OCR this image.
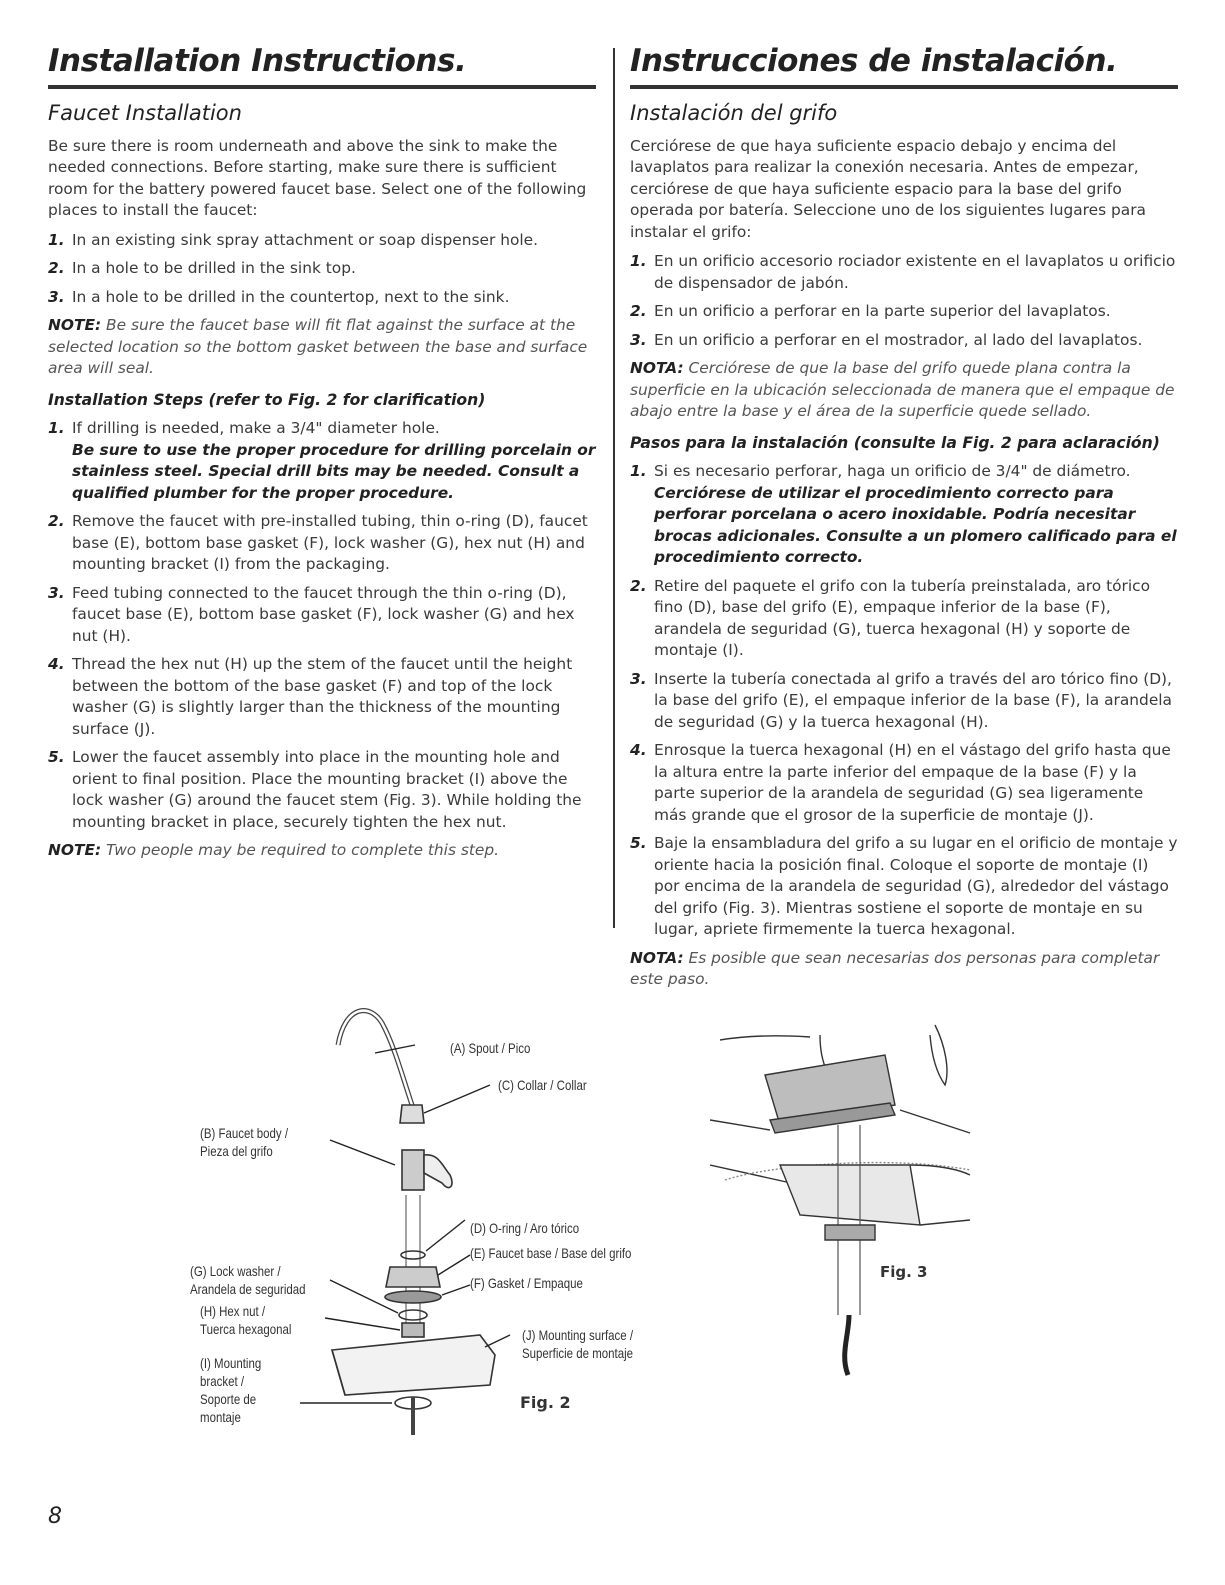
Installation Instructions.
Faucet Installation

Be sure there is room underneath and above the sink to make the needed connections. Before starting, make sure there is sufficient room for the battery powered faucet base. Select one of the following places to install the faucet:

1. In an existing sink spray attachment or soap dispenser hole.
2. In a hole to be drilled in the sink top.
3. In a hole to be drilled in the countertop, next to the sink.

NOTE: Be sure the faucet base will fit flat against the surface at the selected location so the bottom gasket between the base and surface area will seal.

Installation Steps (refer to Fig. 2 for clarification)
1. If drilling is needed, make a 3/4" diameter hole.
Be sure to use the proper procedure for drilling porcelain or stainless steel. Special drill bits may be needed. Consult a qualified plumber for the proper procedure.
2. Remove the faucet with pre-installed tubing, thin o-ring (D), faucet base (E), bottom base gasket (F), lock washer (G), hex nut (H) and mounting bracket (I) from the packaging.
3. Feed tubing connected to the faucet through the thin o-ring (D), faucet base (E), bottom base gasket (F), lock washer (G) and hex nut (H).
4. Thread the hex nut (H) up the stem of the faucet until the height between the bottom of the base gasket (F) and top of the lock washer (G) is slightly larger than the thickness of the mounting surface (J).
5. Lower the faucet assembly into place in the mounting hole and orient to final position. Place the mounting bracket (I) above the lock washer (G) around the faucet stem (Fig. 3). While holding the mounting bracket in place, securely tighten the hex nut.

NOTE: Two people may be required to complete this step.

Instrucciones de instalación.
Instalación del grifo

Cerciórese de que haya suficiente espacio debajo y encima del lavaplatos para realizar la conexión necesaria. Antes de empezar, cerciórese de que haya suficiente espacio para la base del grifo operada por batería. Seleccione uno de los siguientes lugares para instalar el grifo:

1. En un orificio accesorio rociador existente en el lavaplatos u orificio de dispensador de jabón.
2. En un orificio a perforar en la parte superior del lavaplatos.
3. En un orificio a perforar en el mostrador, al lado del lavaplatos.

NOTA: Cerciórese de que la base del grifo quede plana contra la superficie en la ubicación seleccionada de manera que el empaque de abajo entre la base y el área de la superficie quede sellado.

Pasos para la instalación (consulte la Fig. 2 para aclaración)
1. Si es necesario perforar, haga un orificio de 3/4" de diámetro.
Cerciórese de utilizar el procedimiento correcto para perforar porcelana o acero inoxidable. Podría necesitar brocas adicionales. Consulte a un plomero calificado para el procedimiento correcto.
2. Retire del paquete el grifo con la tubería preinstalada, aro tórico fino (D), base del grifo (E), empaque inferior de la base (F), arandela de seguridad (G), tuerca hexagonal (H) y soporte de montaje (I).
3. Inserte la tubería conectada al grifo a través del aro tórico fino (D), la base del grifo (E), el empaque inferior de la base (F), la arandela de seguridad (G) y la tuerca hexagonal (H).
4. Enrosque la tuerca hexagonal (H) en el vástago del grifo hasta que la altura entre la parte inferior del empaque de la base (F) y la parte superior de la arandela de seguridad (G) sea ligeramente más grande que el grosor de la superficie de montaje (J).
5. Baje la ensambladura del grifo a su lugar en el orificio de montaje y oriente hacia la posición final. Coloque el soporte de montaje (I) por encima de la arandela de seguridad (G), alrededor del vástago del grifo (Fig. 3). Mientras sostiene el soporte de montaje en su lugar, apriete firmemente la tuerca hexagonal.

NOTA: Es posible que sean necesarias dos personas para completar este paso.

(A) Spout / Pico
(C) Collar / Collar
(B) Faucet body /
Pieza del grifo
(D) O-ring / Aro tórico
(E) Faucet base / Base del grifo
(F) Gasket / Empaque
(G) Lock washer /
Arandela de seguridad
(H) Hex nut /
Tuerca hexagonal
(I) Mounting
bracket /
Soporte de
montaje
(J) Mounting surface /
Superficie de montaje
Fig. 2
Fig. 3
8
